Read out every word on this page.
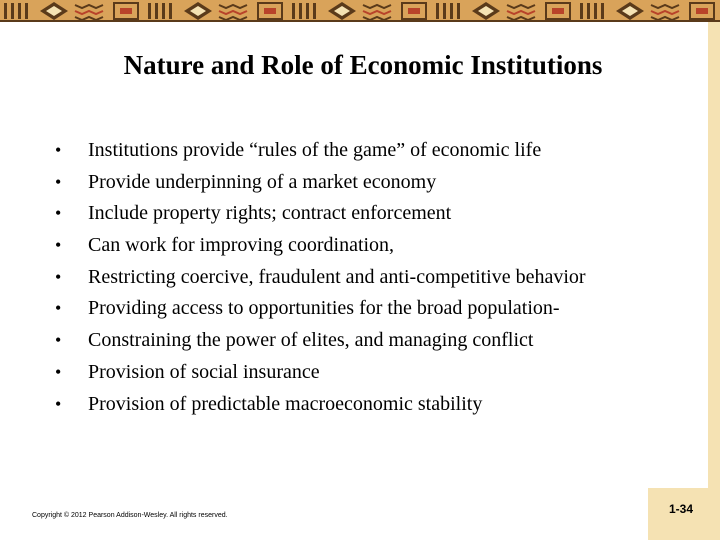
Nature and Role of Economic Institutions
• Institutions provide “rules of the game” of economic life
• Provide underpinning of a market economy
• Include property rights; contract enforcement
• Can work for improving coordination,
• Restricting coercive, fraudulent and anti-competitive behavior
• Providing access to opportunities for the broad population-
• Constraining the power of elites, and managing conflict
• Provision of social insurance
• Provision of predictable macroeconomic stability
Copyright © 2012 Pearson Addison-Wesley. All rights reserved.	1-34
